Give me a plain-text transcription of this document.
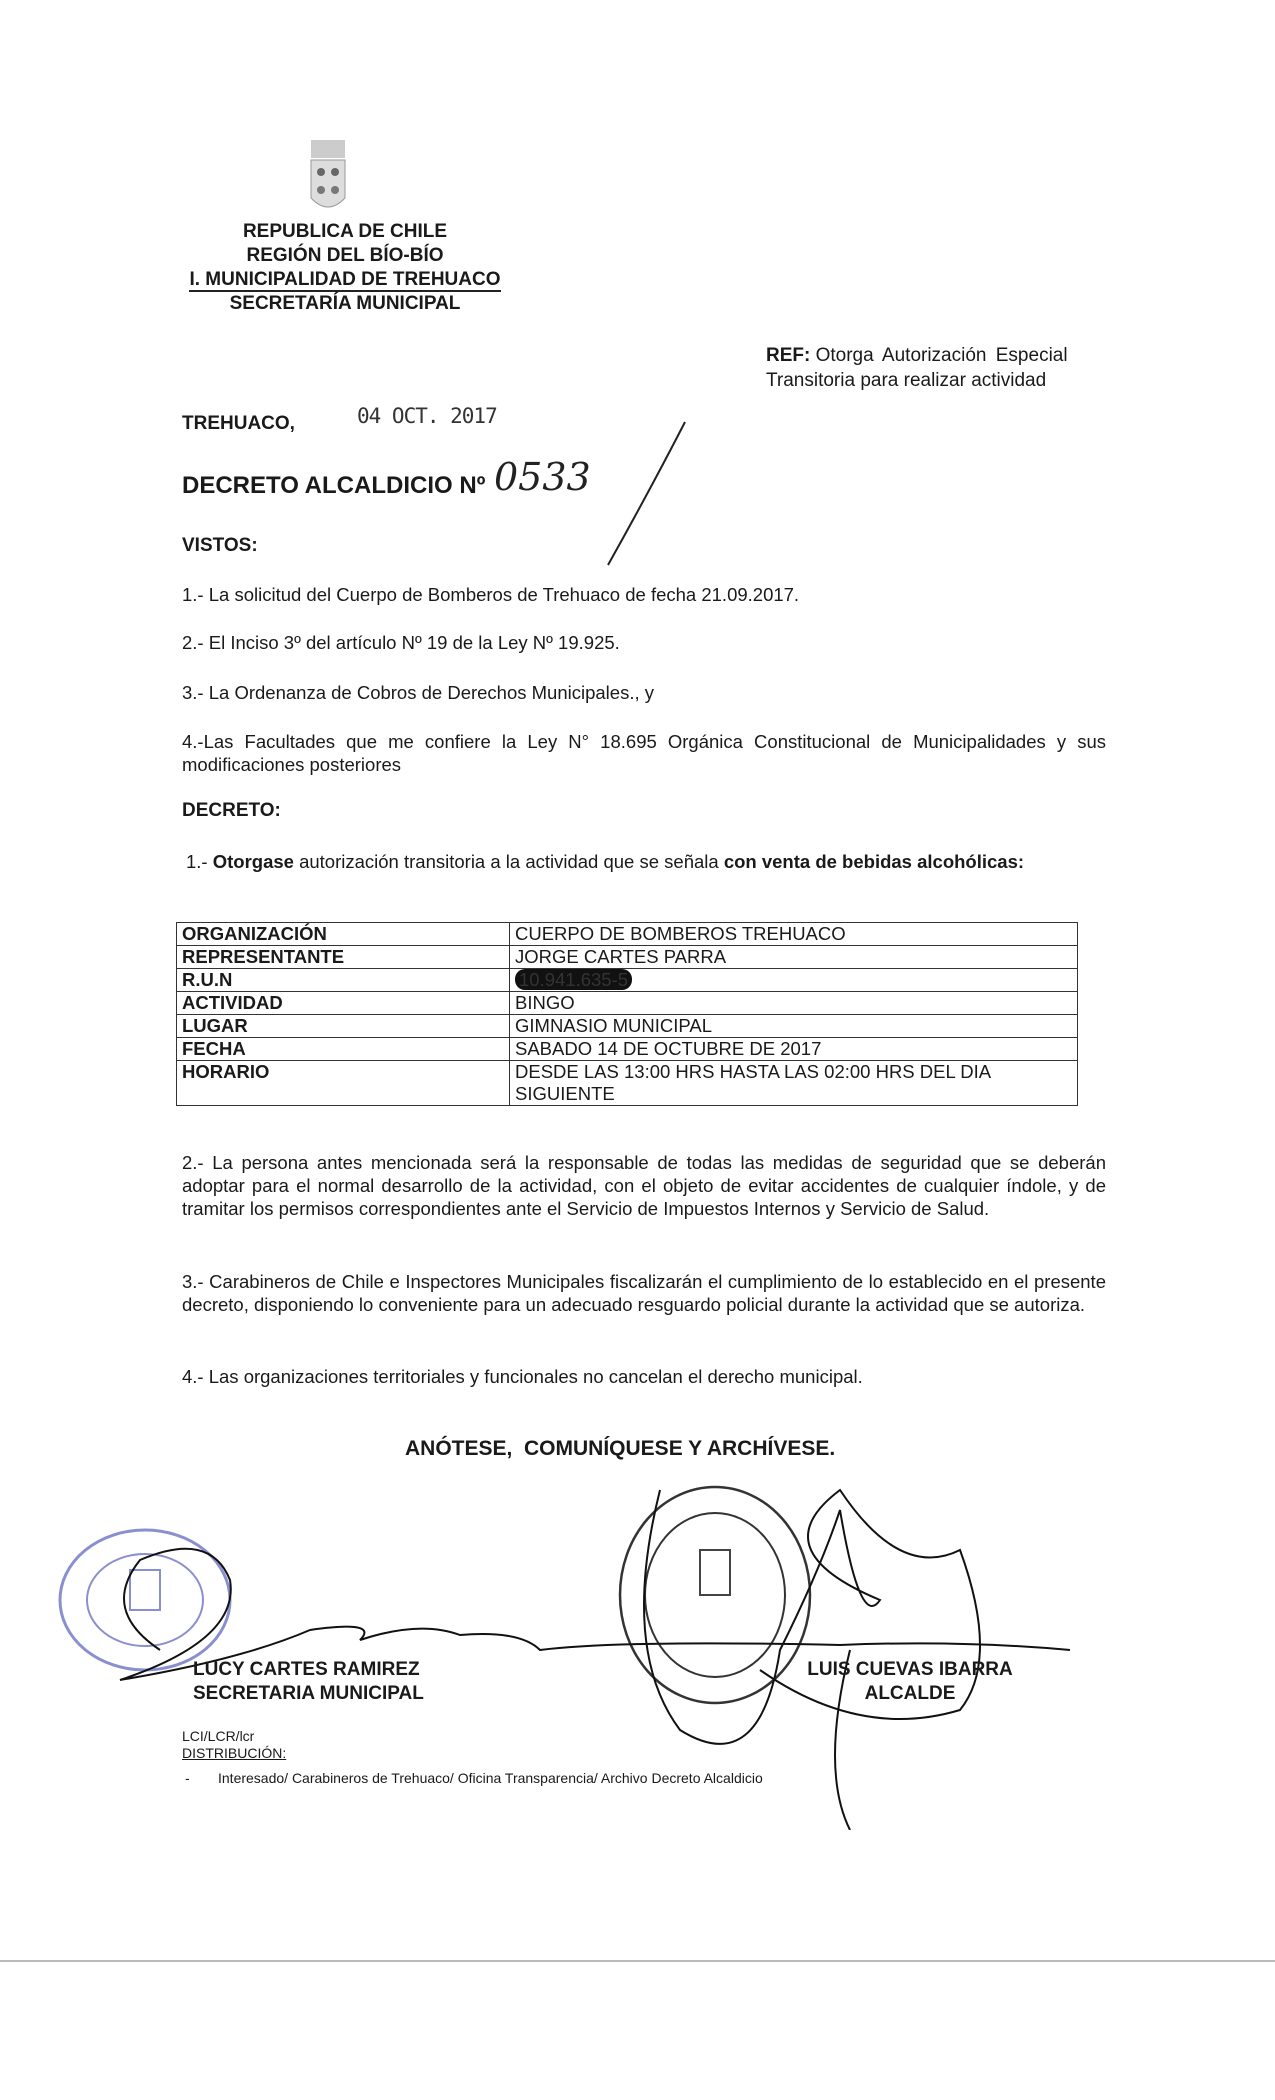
REPUBLICA DE CHILE
REGIÓN DEL BÍO-BÍO
I. MUNICIPALIDAD DE TREHUACO
SECRETARÍA MUNICIPAL
REF: Otorga Autorización Especial
Transitoria para realizar actividad
TREHUACO,	04 OCT. 2017
DECRETO ALCALDICIO Nº 0533
VISTOS:
1.- La solicitud del Cuerpo de Bomberos de Trehuaco de fecha 21.09.2017.
2.- El Inciso 3º del artículo Nº 19 de la Ley Nº 19.925.
3.- La Ordenanza de Cobros de Derechos Municipales., y
4.-Las Facultades que me confiere la Ley N° 18.695 Orgánica Constitucional de Municipalidades y sus modificaciones posteriores
DECRETO:
1.- Otorgase autorización transitoria a la actividad que se señala con venta de bebidas alcohólicas:
ORGANIZACIÓN	CUERPO DE BOMBEROS TREHUACO
REPRESENTANTE	JORGE CARTES PARRA
R.U.N	10.941.635-5
ACTIVIDAD	BINGO
LUGAR	GIMNASIO MUNICIPAL
FECHA	SABADO 14 DE OCTUBRE DE 2017
HORARIO	DESDE LAS 13:00 HRS HASTA LAS 02:00 HRS DEL DIA SIGUIENTE
2.- La persona antes mencionada será la responsable de todas las medidas de seguridad que se deberán adoptar para el normal desarrollo de la actividad, con el objeto de evitar accidentes de cualquier índole, y de tramitar los permisos correspondientes ante el Servicio de Impuestos Internos y Servicio de Salud.
3.- Carabineros de Chile e Inspectores Municipales fiscalizarán el cumplimiento de lo establecido en el presente decreto, disponiendo lo conveniente para un adecuado resguardo policial durante la actividad que se autoriza.
4.- Las organizaciones territoriales y funcionales no cancelan el derecho municipal.
ANÓTESE,  COMUNÍQUESE Y ARCHÍVESE.
LUCY CARTES RAMIREZ
SECRETARIA MUNICIPAL
LUIS CUEVAS IBARRA
ALCALDE
LCI/LCR/lcr
DISTRIBUCIÓN:
- Interesado/ Carabineros de Trehuaco/ Oficina Transparencia/ Archivo Decreto Alcaldicio
